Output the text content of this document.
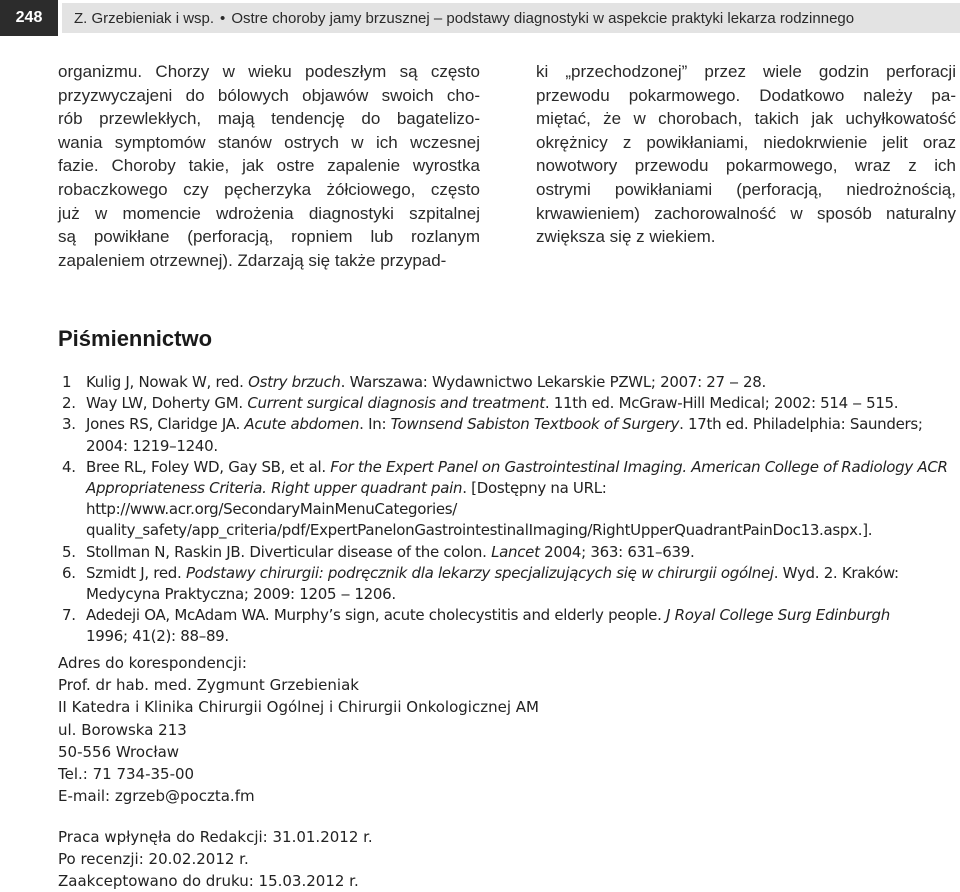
248	Z. Grzebieniak i wsp. • Ostre choroby jamy brzusznej – podstawy diagnostyki w aspekcie praktyki lekarza rodzinnego
organizmu. Chorzy w wieku podeszłym są często
przyzwyczajeni do bólowych objawów swoich cho-
rób przewlekłych, mają tendencję do bagatelizo-
wania symptomów stanów ostrych w ich wczesnej
fazie. Choroby takie, jak ostre zapalenie wyrostka
robaczkowego czy pęcherzyka żółciowego, często
już w momencie wdrożenia diagnostyki szpitalnej
są powikłane (perforacją, ropniem lub rozlanym
zapaleniem otrzewnej). Zdarzają się także przypad-
ki „przechodzonej” przez wiele godzin perforacji
przewodu pokarmowego. Dodatkowo należy pa-
miętać, że w chorobach, takich jak uchyłkowatość
okrężnicy z powikłaniami, niedokrwienie jelit oraz
nowotwory przewodu pokarmowego, wraz z ich
ostrymi powikłaniami (perforacją, niedrożnością,
krwawieniem) zachorowalność w sposób naturalny
zwiększa się z wiekiem.
Piśmiennictwo
1 Kulig J, Nowak W, red. Ostry brzuch. Warszawa: Wydawnictwo Lekarskie PZWL; 2007: 27 ‒ 28.
2. Way LW, Doherty GM. Current surgical diagnosis and treatment. 11th ed. McGraw-Hill Medical; 2002: 514 ‒ 515.
3. Jones RS, Claridge JA. Acute abdomen. In: Townsend Sabiston Textbook of Surgery. 17th ed. Philadelphia: Saunders;
2004: 1219–1240.
4. Bree RL, Foley WD, Gay SB, et al. For the Expert Panel on Gastrointestinal Imaging. American College of Radiology ACR
Appropriateness Criteria. Right upper quadrant pain. [Dostępny na URL: http://www.acr.org/SecondaryMainMenuCategories/
quality_safety/app_criteria/pdf/ExpertPanelonGastrointestinalImaging/RightUpperQuadrantPainDoc13.aspx.].
5. Stollman N, Raskin JB. Diverticular disease of the colon. Lancet 2004; 363: 631–639.
6. Szmidt J, red. Podstawy chirurgii: podręcznik dla lekarzy specjalizujących się w chirurgii ogólnej. Wyd. 2. Kraków:
Medycyna Praktyczna; 2009: 1205 ‒ 1206.
7. Adedeji OA, McAdam WA. Murphy’s sign, acute cholecystitis and elderly people. J Royal College Surg Edinburgh
1996; 41(2): 88–89.
Adres do korespondencji:
Prof. dr hab. med. Zygmunt Grzebieniak
II Katedra i Klinika Chirurgii Ogólnej i Chirurgii Onkologicznej AM
ul. Borowska 213
50-556 Wrocław
Tel.: 71 734-35-00
E-mail: zgrzeb@poczta.fm
Praca wpłynęła do Redakcji: 31.01.2012 r.
Po recenzji: 20.02.2012 r.
Zaakceptowano do druku: 15.03.2012 r.
